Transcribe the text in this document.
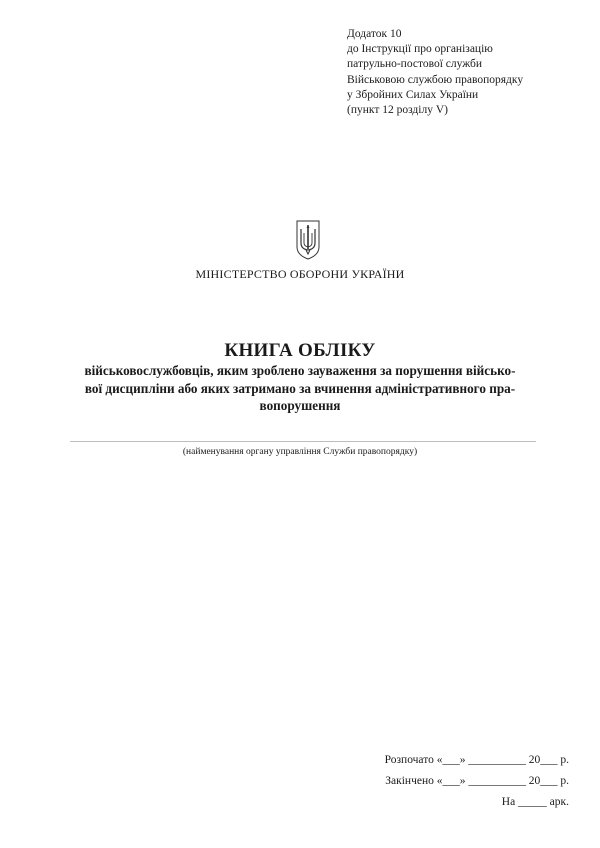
Додаток 10
до Інструкції про організацію
патрульно-постової служби
Військовою службою правопорядку
у Збройних Силах України
(пункт 12 розділу V)
МІНІСТЕРСТВО ОБОРОНИ УКРАЇНИ
КНИГА ОБЛІКУ
військовослужбовців, яким зроблено зауваження за порушення військо-
вої дисципліни або яких затримано за вчинення адміністративного пра-
вопорушення
(найменування органу управління Служби правопорядку)
Розпочато «___» __________ 20___ р.
Закінчено «___» __________ 20___ р.
На _____ арк.
